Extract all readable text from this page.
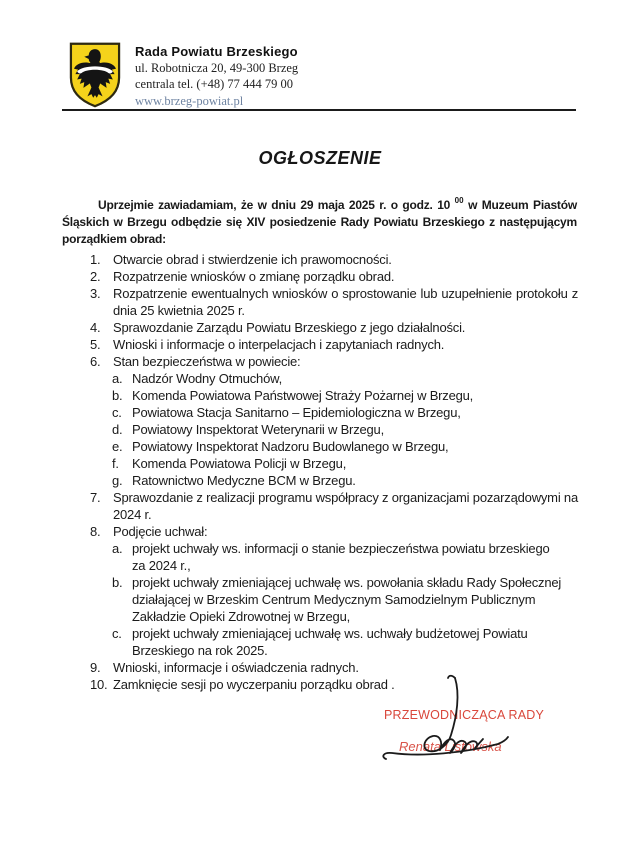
Rada Powiatu Brzeskiego
ul. Robotnicza 20, 49-300 Brzeg
centrala tel. (+48) 77 444 79 00
www.brzeg-powiat.pl
OGŁOSZENIE

Uprzejmie zawiadamiam, że w dniu 29 maja 2025 r. o godz. 10 $^{00}$ w Muzeum Piastów
Śląskich w Brzegu odbędzie się XIV posiedzenie Rady Powiatu Brzeskiego z następującym
porządkiem obrad:

1. Otwarcie obrad i stwierdzenie ich prawomocności.
2. Rozpatrzenie wniosków o zmianę porządku obrad.
3. Rozpatrzenie ewentualnych wniosków o sprostowanie lub uzupełnienie protokołu z
dnia 25 kwietnia 2025 r.
4. Sprawozdanie Zarządu Powiatu Brzeskiego z jego działalności.
5. Wnioski i informacje o interpelacjach i zapytaniach radnych.
6. Stan bezpieczeństwa w powiecie:
a. Nadzór Wodny Otmuchów,
b. Komenda Powiatowa Państwowej Straży Pożarnej w Brzegu,
c. Powiatowa Stacja Sanitarno – Epidemiologiczna w Brzegu,
d. Powiatowy Inspektorat Weterynarii w Brzegu,
e. Powiatowy Inspektorat Nadzoru Budowlanego w Brzegu,
f.	Komenda Powiatowa Policji w Brzegu,
g. Ratownictwo Medyczne BCM w Brzegu.
7. Sprawozdanie z realizacji programu współpracy z organizacjami pozarządowymi na
2024 r.
8. Podjęcie uchwał:
a. projekt uchwały ws. informacji o stanie bezpieczeństwa powiatu brzeskiego
za 2024 r.,
b. projekt uchwały zmieniającej uchwałę ws. powołania składu Rady Społecznej
działającej w Brzeskim Centrum Medycznym Samodzielnym Publicznym
Zakładzie Opieki Zdrowotnej w Brzegu,
c. projekt uchwały zmieniającej uchwałę ws. uchwały budżetowej Powiatu
Brzeskiego na rok 2025.
9. Wnioski, informacje i oświadczenia radnych.
10. Zamknięcie sesji po wyczerpaniu porządku obrad .
PRZEWODNICZĄCA RADY
Renata Listowska
